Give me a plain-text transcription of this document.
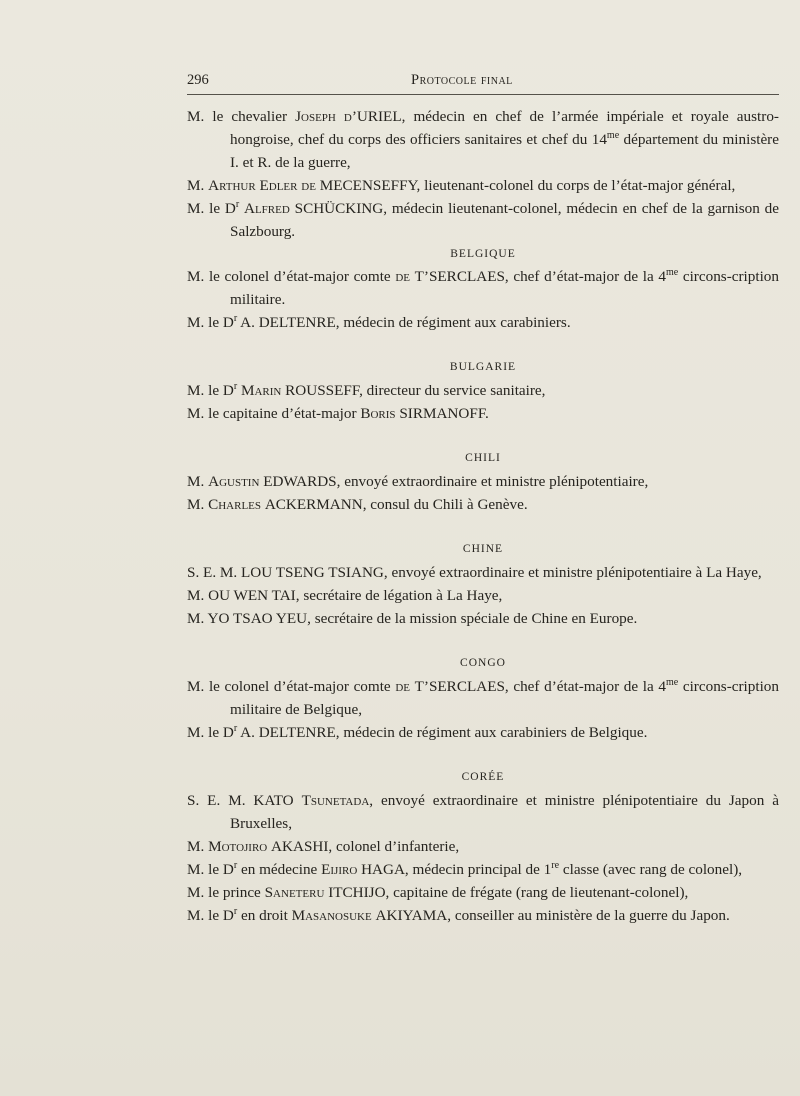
296	Protocole final
M. le chevalier Joseph d’URIEL, médecin en chef de l’armée impériale et royale austro-hongroise, chef du corps des officiers sanitaires et chef du $14^{me}$ département du ministère I. et R. de la guerre,
M. Arthur Edler de MECENSEFFY, lieutenant-colonel du corps de l’état-major général,
M. le $D^r$ Alfred SCHÜCKING, médecin lieutenant-colonel, médecin en chef de la garnison de Salzbourg.
BELGIQUE
M. le colonel d’état-major comte de T’SERCLAES, chef d’état-major de la $4^{me}$ circons-cription militaire.
M. le $D^r$ A. DELTENRE, médecin de régiment aux carabiniers.
BULGARIE
M. le $D^r$ Marin ROUSSEFF, directeur du service sanitaire,
M. le capitaine d’état-major Boris SIRMANOFF.
CHILI
M. Agustin EDWARDS, envoyé extraordinaire et ministre plénipotentiaire,
M. Charles ACKERMANN, consul du Chili à Genève.
CHINE
S. E. M. LOU TSENG TSIANG, envoyé extraordinaire et ministre plénipotentiaire à La Haye,
M. OU WEN TAI, secrétaire de légation à La Haye,
M. YO TSAO YEU, secrétaire de la mission spéciale de Chine en Europe.
CONGO
M. le colonel d’état-major comte de T’SERCLAES, chef d’état-major de la $4^{me}$ circons-cription militaire de Belgique,
M. le $D^r$ A. DELTENRE, médecin de régiment aux carabiniers de Belgique.
CORÉE
S. E. M. KATO Tsunetada, envoyé extraordinaire et ministre plénipotentiaire du Japon à Bruxelles,
M. Motojiro AKASHI, colonel d’infanterie,
M. le $D^r$ en médecine Eijiro HAGA, médecin principal de 1re classe (avec rang de colonel),
M. le prince Saneteru ITCHIJO, capitaine de frégate (rang de lieutenant-colonel),
M. le $D^r$ en droit Masanosuke AKIYAMA, conseiller au ministère de la guerre du Japon.
